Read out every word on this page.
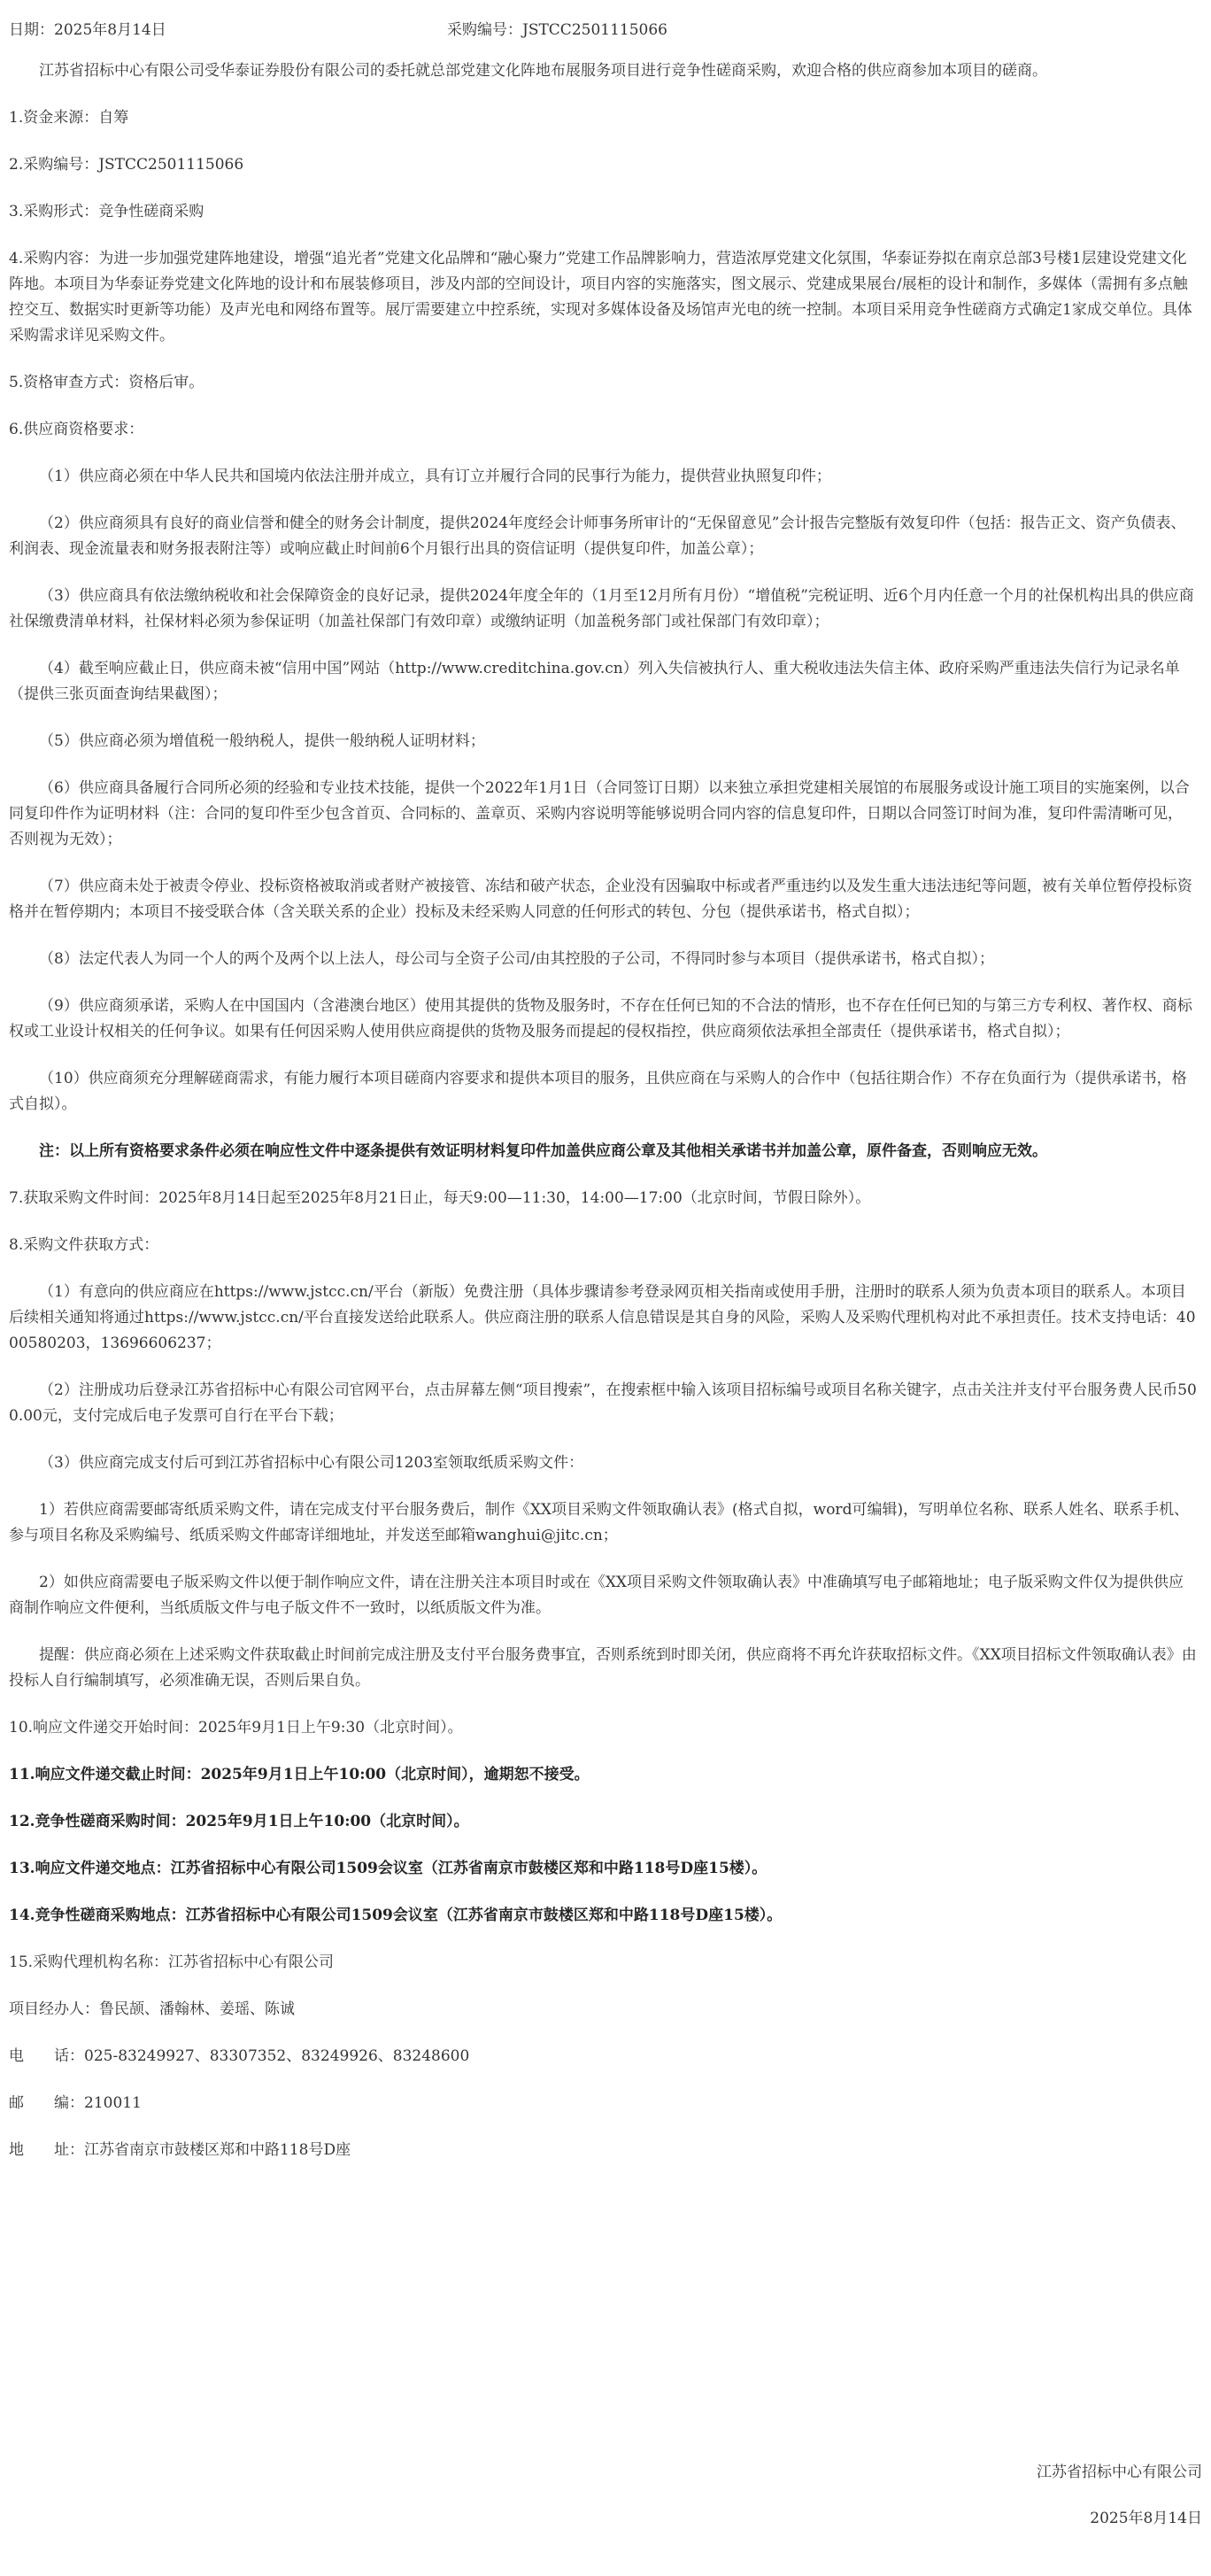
日期：2025年8月14日	采购编号：JSTCC2501115066

江苏省招标中心有限公司受华泰证券股份有限公司的委托就总部党建文化阵地布展服务项目进行竞争性磋商采购，欢迎合格的供应商参加本项目的磋商。

1.资金来源：自筹

2.采购编号：JSTCC2501115066

3.采购形式：竞争性磋商采购

4.采购内容：为进一步加强党建阵地建设，增强“追光者”党建文化品牌和“融心聚力”党建工作品牌影响力，营造浓厚党建文化氛围，华泰证券拟在南京总部3号楼1层建设党建文化阵地。本项目为华泰证券党建文化阵地的设计和布展装修项目，涉及内部的空间设计，项目内容的实施落实，图文展示、党建成果展台/展柜的设计和制作，多媒体（需拥有多点触控交互、数据实时更新等功能）及声光电和网络布置等。展厅需要建立中控系统，实现对多媒体设备及场馆声光电的统一控制。本项目采用竞争性磋商方式确定1家成交单位。具体采购需求详见采购文件。

5.资格审查方式：资格后审。

6.供应商资格要求：

（1）供应商必须在中华人民共和国境内依法注册并成立，具有订立并履行合同的民事行为能力，提供营业执照复印件；

（2）供应商须具有良好的商业信誉和健全的财务会计制度，提供2024年度经会计师事务所审计的“无保留意见”会计报告完整版有效复印件（包括：报告正文、资产负债表、利润表、现金流量表和财务报表附注等）或响应截止时间前6个月银行出具的资信证明（提供复印件，加盖公章）；

（3）供应商具有依法缴纳税收和社会保障资金的良好记录，提供2024年度全年的（1月至12月所有月份）“增值税”完税证明、近6个月内任意一个月的社保机构出具的供应商社保缴费清单材料，社保材料必须为参保证明（加盖社保部门有效印章）或缴纳证明（加盖税务部门或社保部门有效印章）；

（4）截至响应截止日，供应商未被“信用中国”网站（http://www.creditchina.gov.cn）列入失信被执行人、重大税收违法失信主体、政府采购严重违法失信行为记录名单（提供三张页面查询结果截图）；

（5）供应商必须为增值税一般纳税人，提供一般纳税人证明材料；

（6）供应商具备履行合同所必须的经验和专业技术技能，提供一个2022年1月1日（合同签订日期）以来独立承担党建相关展馆的布展服务或设计施工项目的实施案例，以合同复印件作为证明材料（注：合同的复印件至少包含首页、合同标的、盖章页、采购内容说明等能够说明合同内容的信息复印件，日期以合同签订时间为准，复印件需清晰可见，否则视为无效）；

（7）供应商未处于被责令停业、投标资格被取消或者财产被接管、冻结和破产状态，企业没有因骗取中标或者严重违约以及发生重大违法违纪等问题，被有关单位暂停投标资格并在暂停期内；本项目不接受联合体（含关联关系的企业）投标及未经采购人同意的任何形式的转包、分包（提供承诺书，格式自拟）；

（8）法定代表人为同一个人的两个及两个以上法人，母公司与全资子公司/由其控股的子公司，不得同时参与本项目（提供承诺书，格式自拟）；

（9）供应商须承诺，采购人在中国国内（含港澳台地区）使用其提供的货物及服务时，不存在任何已知的不合法的情形，也不存在任何已知的与第三方专利权、著作权、商标权或工业设计权相关的任何争议。如果有任何因采购人使用供应商提供的货物及服务而提起的侵权指控，供应商须依法承担全部责任（提供承诺书，格式自拟）；

（10）供应商须充分理解磋商需求，有能力履行本项目磋商内容要求和提供本项目的服务，且供应商在与采购人的合作中（包括往期合作）不存在负面行为（提供承诺书，格式自拟）。

注：以上所有资格要求条件必须在响应性文件中逐条提供有效证明材料复印件加盖供应商公章及其他相关承诺书并加盖公章，原件备查，否则响应无效。

7.获取采购文件时间：2025年8月14日起至2025年8月21日止，每天9:00—11:30，14:00—17:00（北京时间，节假日除外）。

8.采购文件获取方式：

（1）有意向的供应商应在https://www.jstcc.cn/平台（新版）免费注册（具体步骤请参考登录网页相关指南或使用手册，注册时的联系人须为负责本项目的联系人。本项目后续相关通知将通过https://www.jstcc.cn/平台直接发送给此联系人。供应商注册的联系人信息错误是其自身的风险，采购人及采购代理机构对此不承担责任。技术支持电话：4000580203，13696606237；

（2）注册成功后登录江苏省招标中心有限公司官网平台，点击屏幕左侧“项目搜索”，在搜索框中输入该项目招标编号或项目名称关键字，点击关注并支付平台服务费人民币500.00元，支付完成后电子发票可自行在平台下载；

（3）供应商完成支付后可到江苏省招标中心有限公司1203室领取纸质采购文件：

1）若供应商需要邮寄纸质采购文件，请在完成支付平台服务费后，制作《XX项目采购文件领取确认表》(格式自拟，word可编辑)，写明单位名称、联系人姓名、联系手机、参与项目名称及采购编号、纸质采购文件邮寄详细地址，并发送至邮箱wanghui@jitc.cn；

2）如供应商需要电子版采购文件以便于制作响应文件，请在注册关注本项目时或在《XX项目采购文件领取确认表》中准确填写电子邮箱地址；电子版采购文件仅为提供供应商制作响应文件便利，当纸质版文件与电子版文件不一致时，以纸质版文件为准。

提醒：供应商必须在上述采购文件获取截止时间前完成注册及支付平台服务费事宜，否则系统到时即关闭，供应商将不再允许获取招标文件。《XX项目招标文件领取确认表》由投标人自行编制填写，必须准确无误，否则后果自负。

10.响应文件递交开始时间：2025年9月1日上午9:30（北京时间）。

11.响应文件递交截止时间：2025年9月1日上午10:00（北京时间），逾期恕不接受。

12.竞争性磋商采购时间：2025年9月1日上午10:00（北京时间）。

13.响应文件递交地点：江苏省招标中心有限公司1509会议室（江苏省南京市鼓楼区郑和中路118号D座15楼）。

14.竞争性磋商采购地点：江苏省招标中心有限公司1509会议室（江苏省南京市鼓楼区郑和中路118号D座15楼）。

15.采购代理机构名称：江苏省招标中心有限公司

项目经办人：鲁民颉、潘翰林、姜瑶、陈诚

电　　话：025-83249927、83307352、83249926、83248600

邮　　编：210011

地　　址：江苏省南京市鼓楼区郑和中路118号D座

江苏省招标中心有限公司
2025年8月14日
